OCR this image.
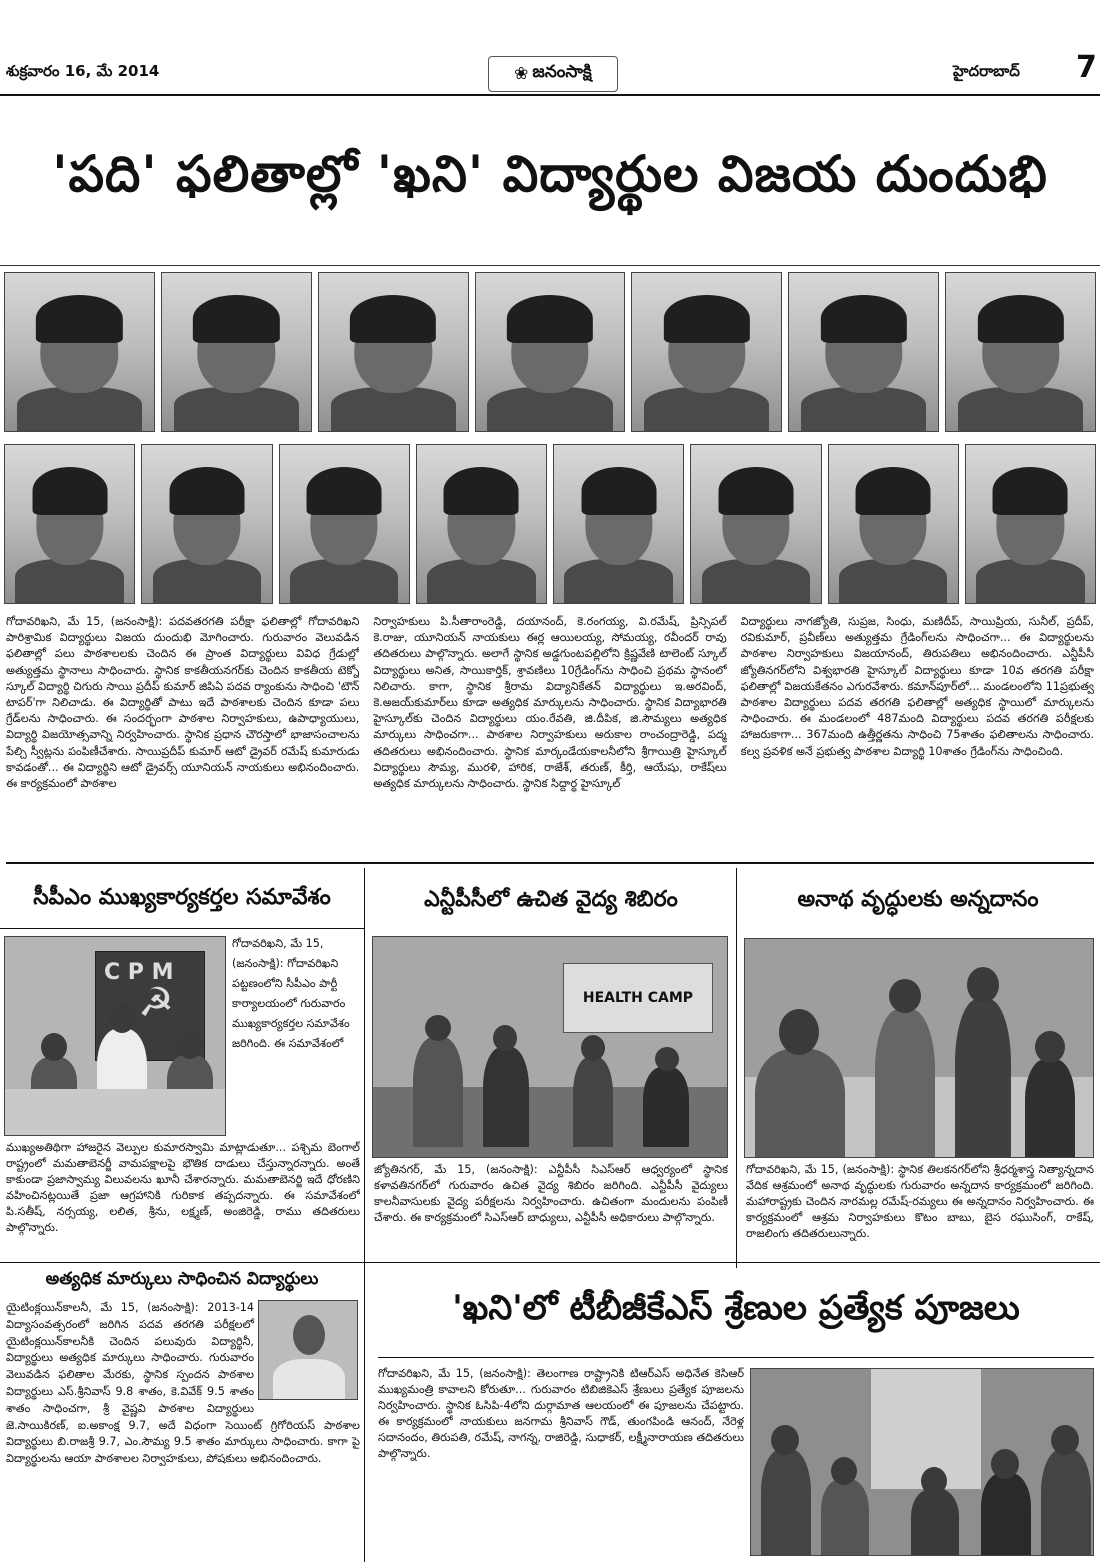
శుక్రవారం 16, మే 2014	❀ జనంసాక్షి	హైదరాబాద్ 7
'పది' ఫలితాల్లో 'ఖని' విద్యార్థుల విజయ దుందుభి
గోదావరిఖని, మే 15, (జనంసాక్షి): పదవతరగతి పరీక్షా ఫలితాల్లో గోదావరిఖని పారిశ్రామిక విద్యార్థులు విజయ దుందుభి మోగించారు. గురువారం వెలువడిన ఫలితాల్లో పలు పాఠశాలలకు చెందిన ఈ ప్రాంత విద్యార్థులు వివిధ గ్రేడుల్లో అత్యుత్తమ స్థానాలు సాధించారు. స్థానిక కాకతీయనగర్‌కు చెందిన కాకతీయ టెక్నో స్కూల్ విద్యార్థి చిగురు సాయి ప్రదీప్ కుమార్ జిపిఏ పదవ ర్యాంకును సాధించి 'టౌన్ టాపర్'గా నిలిచాడు. ఈ విద్యార్థితో పాటు ఇదే పాఠశాలకు చెందిన కూడా పలు గ్రేడ్‌లను సాధించారు. ఈ సందర్భంగా పాఠశాల నిర్వాహకులు, ఉపాధ్యాయులు, విద్యార్థి విజయోత్సవాన్ని నిర్వహించారు. స్థానిక ప్రధాన చౌరస్తాలో భాజాసంచాలను పేల్చి స్వీట్లను పంపిణీచేశారు. సాయిప్రదీప్ కుమార్ ఆటో డ్రైవర్ రమేష్ కుమారుడు కావడంతో... ఈ విద్యార్థిని ఆటో డ్రైవర్స్ యూనియన్ నాయకులు అభినందించారు. ఈ కార్యక్రమంలో పాఠశాల
నిర్వాహకులు పి.సీతారాంరెడ్డి, దయానంద్, కె.రంగయ్య, వి.రమేష్, ప్రిన్సిపల్ కె.రాజు, యూనియన్ నాయకులు ఈర్ల ఆయిలయ్య, సోమయ్య, రవీందర్ రావు తదితరులు పాల్గొన్నారు. అలాగే స్థానిక అడ్డగుంటపల్లిలోని క్రిష్ణవేణి టాలెంట్ స్కూల్ విద్యార్థులు అనిత, సాయికార్తిక్, శ్రావణిలు 10గ్రేడింగ్‌ను సాధించి ప్రథమ స్థానంలో నిలిచారు. కాగా, స్థానిక శ్రీరామ విద్యానికేతన్ విద్యార్థులు ఇ.అరవింద్, కె.అజయ్‌కుమార్‌లు కూడా అత్యధిక మార్కులను సాధించారు. స్థానిక విద్యాభారతి హైస్కూల్‌కు చెందిన విద్యార్థులు యం.రేవతి, జి.దీపిక, జి.సౌమ్యలు అత్యధిక మార్కులు సాధించగా... పాఠశాల నిర్వాహకులు అరుకాల రాంచంద్రారెడ్డి, పద్మ తదితరులు అభినందించారు. స్థానిక మార్కండేయకాలనీలోని శ్రీగాయిత్రి హైస్కూల్ విద్యార్థులు సౌమ్య, మురళి, హారిక, రాజేశ్, తరుణ్, కీర్తి, ఆయేషు, రాకేష్‌లు అత్యధిక మార్కులను సాధించారు. స్థానిక సిద్దార్థ హైస్కూల్
విద్యార్థులు నాగజ్యోతి, సుప్రజ, సింధు, మణిదీప్, సాయిప్రియ, సునీల్, ప్రదీప్, రవికుమార్, ప్రవీణ్‌లు అత్యుత్తమ గ్రేడింగ్‌లను సాధించగా... ఈ విద్యార్థులను పాఠశాల నిర్వాహకులు విజయానంద్, తిరుపతిలు అభినందించారు. ఎన్టీపీసీ జ్యోతినగర్‌లోని విశ్వభారతి హైస్కూల్ విద్యార్థులు కూడా 10వ తరగతి పరీక్షా ఫలితాల్లో విజయకేతనం ఎగురవేశారు. కమాన్‌పూర్‌లో... మండలంలోని 11ప్రభుత్వ పాఠశాల విద్యార్థులు పదవ తరగతి ఫలితాల్లో అత్యధిక స్థాయిలో మార్కులను సాధించారు. ఈ మండలంలో 487మంది విద్యార్థులు పదవ తరగతి పరీక్షలకు హాజరుకాగా... 367మంది ఉత్తీర్ణతను సాధించి 75శాతం ఫలితాలను సాధించారు. కల్వ ప్రవళిక అనే ప్రభుత్వ పాఠశాల విద్యార్థి 10శాతం గ్రేడింగ్‌ను సాధించింది.
సీపీఎం ముఖ్యకార్యకర్తల సమావేశం
C P M
☭
గోదావరిఖని, మే 15, (జనంసాక్షి): గోదావరిఖని పట్టణంలోని సీపీఎం పార్టీ కార్యాలయంలో గురువారం ముఖ్యకార్యకర్తల సమావేశం జరిగింది. ఈ సమావేశంలో
ముఖ్యఅతిథిగా హాజరైన వెల్పుల కుమారస్వామి మాట్లాడుతూ... పశ్చిమ బెంగాల్ రాష్ట్రంలో మమతాబెనర్జీ వామపక్షాలపై భౌతిక దాడులు చేస్తున్నారన్నారు. అంతే కాకుండా ప్రజాస్వామ్య విలువలను ఖూనీ చేశారన్నారు. మమతాబెనర్జి ఇదే ధోరణిని వహించినట్లయితే ప్రజా ఆగ్రహానికి గురికాక తప్పదన్నారు. ఈ సమావేశంలో పి.సతీష్, నర్సయ్య, లలిత, శ్రీను, లక్ష్మణ్, అంజిరెడ్డి, రాము తదితరులు పాల్గొన్నారు.
ఎన్టీపీసీలో ఉచిత వైద్య శిబిరం
HEALTH CAMP
జ్యోతినగర్, మే 15, (జనంసాక్షి): ఎన్టీపీసీ సిఎస్ఆర్ ఆధ్వర్యంలో స్థానిక కళావతినగర్‌లో గురువారం ఉచిత వైద్య శిబిరం జరిగింది. ఎన్టీపీసీ వైద్యులు కాలనీవాసులకు వైద్య పరీక్షలను నిర్వహించారు. ఉచితంగా మందులను పంపిణీ చేశారు. ఈ కార్యక్రమంలో సిఎస్ఆర్ బాధ్యులు, ఎన్టీపీసీ అధికారులు పాల్గొన్నారు.
అనాథ వృద్ధులకు అన్నదానం
గోదావరిఖని, మే 15, (జనంసాక్షి): స్థానిక తిలకనగర్‌లోని శ్రీధర్మశాస్త్ర నిత్యాన్నదాన వేదిక ఆశ్రమంలో అనాథ వృద్ధులకు గురువారం అన్నదాన కార్యక్రమంలో జరిగింది. మహారాష్ట్రకు చెందిన నారమల్ల రమేష్-రమ్యలు ఈ అన్నదానం నిర్వహించారు. ఈ కార్యక్రమంలో ఆశ్రమ నిర్వాహకులు కొటం బాబు, బైస రఘుసింగ్, రాకేష్, రాజలింగు తదితరులున్నారు.
అత్యధిక మార్కులు సాధించిన విద్యార్థులు
యైటింక్లయిన్‌కాలనీ, మే 15, (జనంసాక్షి): 2013-14 విద్యాసంవత్సరంలో జరిగిన పదవ తరగతి పరీక్షలలో యైటింక్లయిన్‌కాలనీకి చెందిన పలువురు విద్యార్థినీ, విద్యార్థులు అత్యధిక మార్కులు సాధించారు. గురువారం వెలువడిన ఫలితాల మేరకు, స్థానిక స్పందన పాఠశాల విద్యార్థులు ఎస్.శ్రీనివాస్ 9.8 శాతం, కె.వివేక్ 9.5 శాతం శాతం సాధించగా, శ్రీ వైష్ణవి పాఠశాల విద్యార్థులు జె.సాయికిరణ్, ఐ.అకాంక్ష 9.7, అదే విధంగా సెయింట్ గ్రిగోరియస్ పాఠశాల విద్యార్థులు బి.రాజశ్రీ 9.7, ఎం.సౌమ్య 9.5 శాతం మార్కులు సాధించారు. కాగా పై విద్యార్థులను ఆయా పాఠశాలల నిర్వాహకులు, పోషకులు అభినందించారు.
'ఖని'లో టీబీజీకేఎస్ శ్రేణుల ప్రత్యేక పూజలు
గోదావరిఖని, మే 15, (జనంసాక్షి): తెలంగాణ రాష్ట్రానికి టిఆర్ఎస్ అధినేత కెసిఆర్ ముఖ్యమంత్రి కావాలని కోరుతూ... గురువారం టిబిజికెఎస్ శ్రేణులు ప్రత్యేక పూజలను నిర్వహించారు. స్థానిక ఓసిపి-4లోని దుర్గామాత ఆలయంలో ఈ పూజలను చేపట్టారు. ఈ కార్యక్రమంలో నాయకులు జనగామ శ్రీనివాస్ గౌడ్, తుంగపిండి ఆనంద్, నేరెళ్ల సదానందం, తిరుపతి, రమేష్, నాగన్న, రాజిరెడ్డి, సుధాకర్, లక్ష్మీనారాయణ తదితరులు పాల్గొన్నారు.
